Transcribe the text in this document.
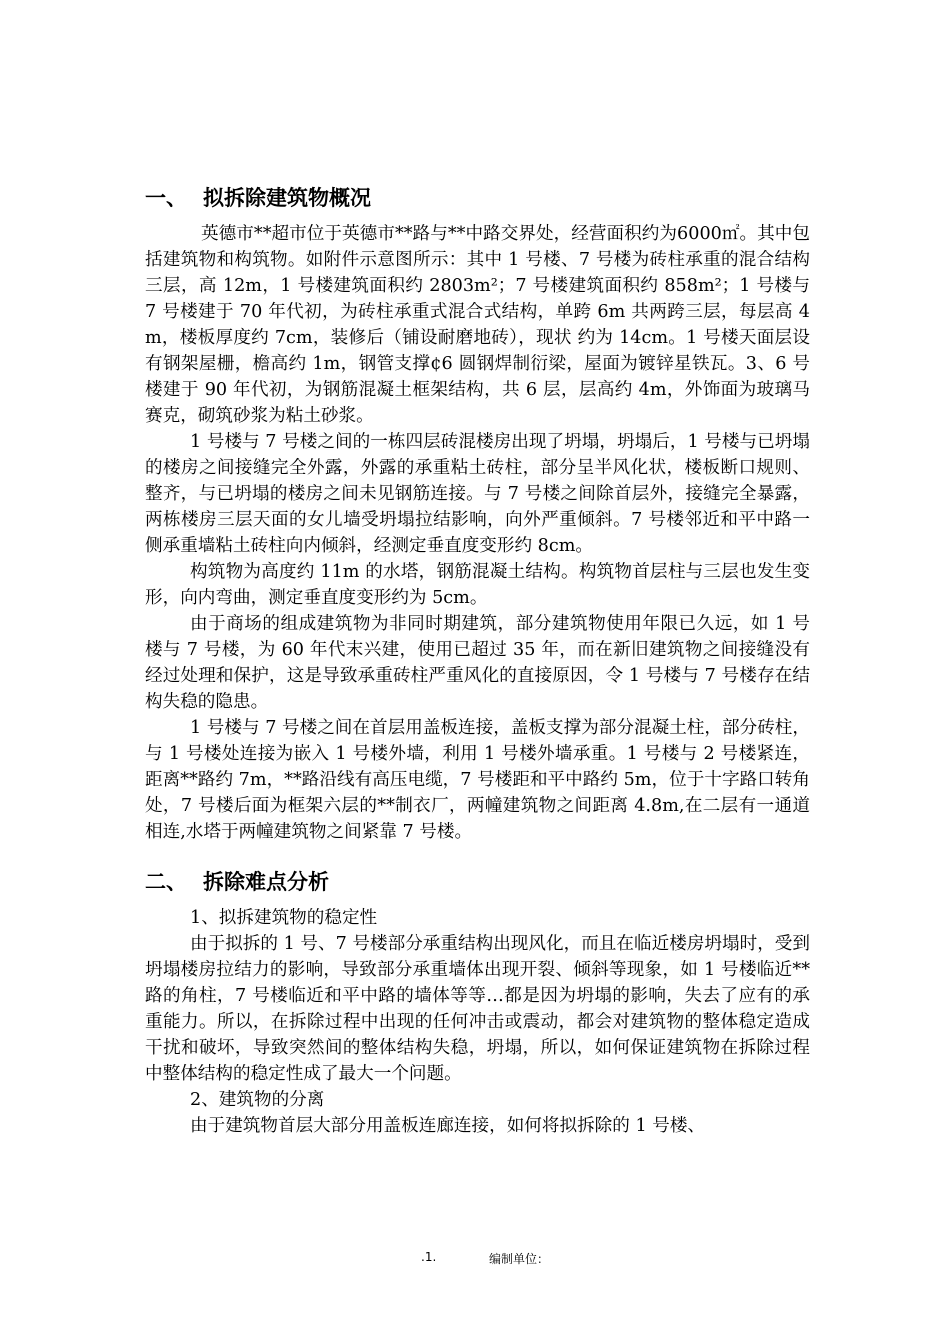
一、 拟拆除建筑物概况

英德市**超市位于英德市**路与**中路交界处，经营面积约为6000㎡。其中包括建筑物和构筑物。如附件示意图所示：其中 1 号楼、7 号楼为砖柱承重的混合结构三层，高 12m，1 号楼建筑面积约 2803m²；7 号楼建筑面积约 858m²；1 号楼与 7 号楼建于 70 年代初，为砖柱承重式混合式结构，单跨 6m 共两跨三层，每层高 4m，楼板厚度约 7cm，装修后（铺设耐磨地砖），现状 约为 14cm。1 号楼天面层设有钢架屋栅，檐高约 1m，钢管支撑¢6 圆钢焊制衍梁，屋面为镀锌星铁瓦。3、6 号楼建于 90 年代初，为钢筋混凝土框架结构，共 6 层，层高约 4m，外饰面为玻璃马赛克，砌筑砂浆为粘土砂浆。

1 号楼与 7 号楼之间的一栋四层砖混楼房出现了坍塌，坍塌后，1 号楼与已坍塌的楼房之间接缝完全外露，外露的承重粘土砖柱，部分呈半风化状，楼板断口规则、整齐，与已坍塌的楼房之间未见钢筋连接。与 7 号楼之间除首层外，接缝完全暴露，两栋楼房三层天面的女儿墙受坍塌拉结影响，向外严重倾斜。7 号楼邻近和平中路一侧承重墙粘土砖柱向内倾斜，经测定垂直度变形约 8cm。

构筑物为高度约 11m 的水塔，钢筋混凝土结构。构筑物首层柱与三层也发生变形，向内弯曲，测定垂直度变形约为 5cm。

由于商场的组成建筑物为非同时期建筑，部分建筑物使用年限已久远，如 1 号楼与 7 号楼，为 60 年代末兴建，使用已超过 35 年，而在新旧建筑物之间接缝没有经过处理和保护，这是导致承重砖柱严重风化的直接原因，令 1 号楼与 7 号楼存在结构失稳的隐患。

1 号楼与 7 号楼之间在首层用盖板连接，盖板支撑为部分混凝土柱，部分砖柱，与 1 号楼处连接为嵌入 1 号楼外墙，利用 1 号楼外墙承重。1 号楼与 2 号楼紧连，距离**路约 7m，**路沿线有高压电缆，7 号楼距和平中路约 5m，位于十字路口转角处，7 号楼后面为框架六层的**制衣厂，两幢建筑物之间距离 4.8m,在二层有一通道相连,水塔于两幢建筑物之间紧靠 7 号楼。

二、 拆除难点分析

1、拟拆建筑物的稳定性

由于拟拆的 1 号、7 号楼部分承重结构出现风化，而且在临近楼房坍塌时，受到坍塌楼房拉结力的影响，导致部分承重墙体出现开裂、倾斜等现象，如 1 号楼临近**路的角柱，7 号楼临近和平中路的墙体等等…都是因为坍塌的影响，失去了应有的承重能力。所以，在拆除过程中出现的任何冲击或震动，都会对建筑物的整体稳定造成干扰和破坏，导致突然间的整体结构失稳，坍塌，所以，如何保证建筑物在拆除过程中整体结构的稳定性成了最大一个问题。

2、建筑物的分离

由于建筑物首层大部分用盖板连廊连接，如何将拟拆除的 1 号楼、

.1.	编制单位：
